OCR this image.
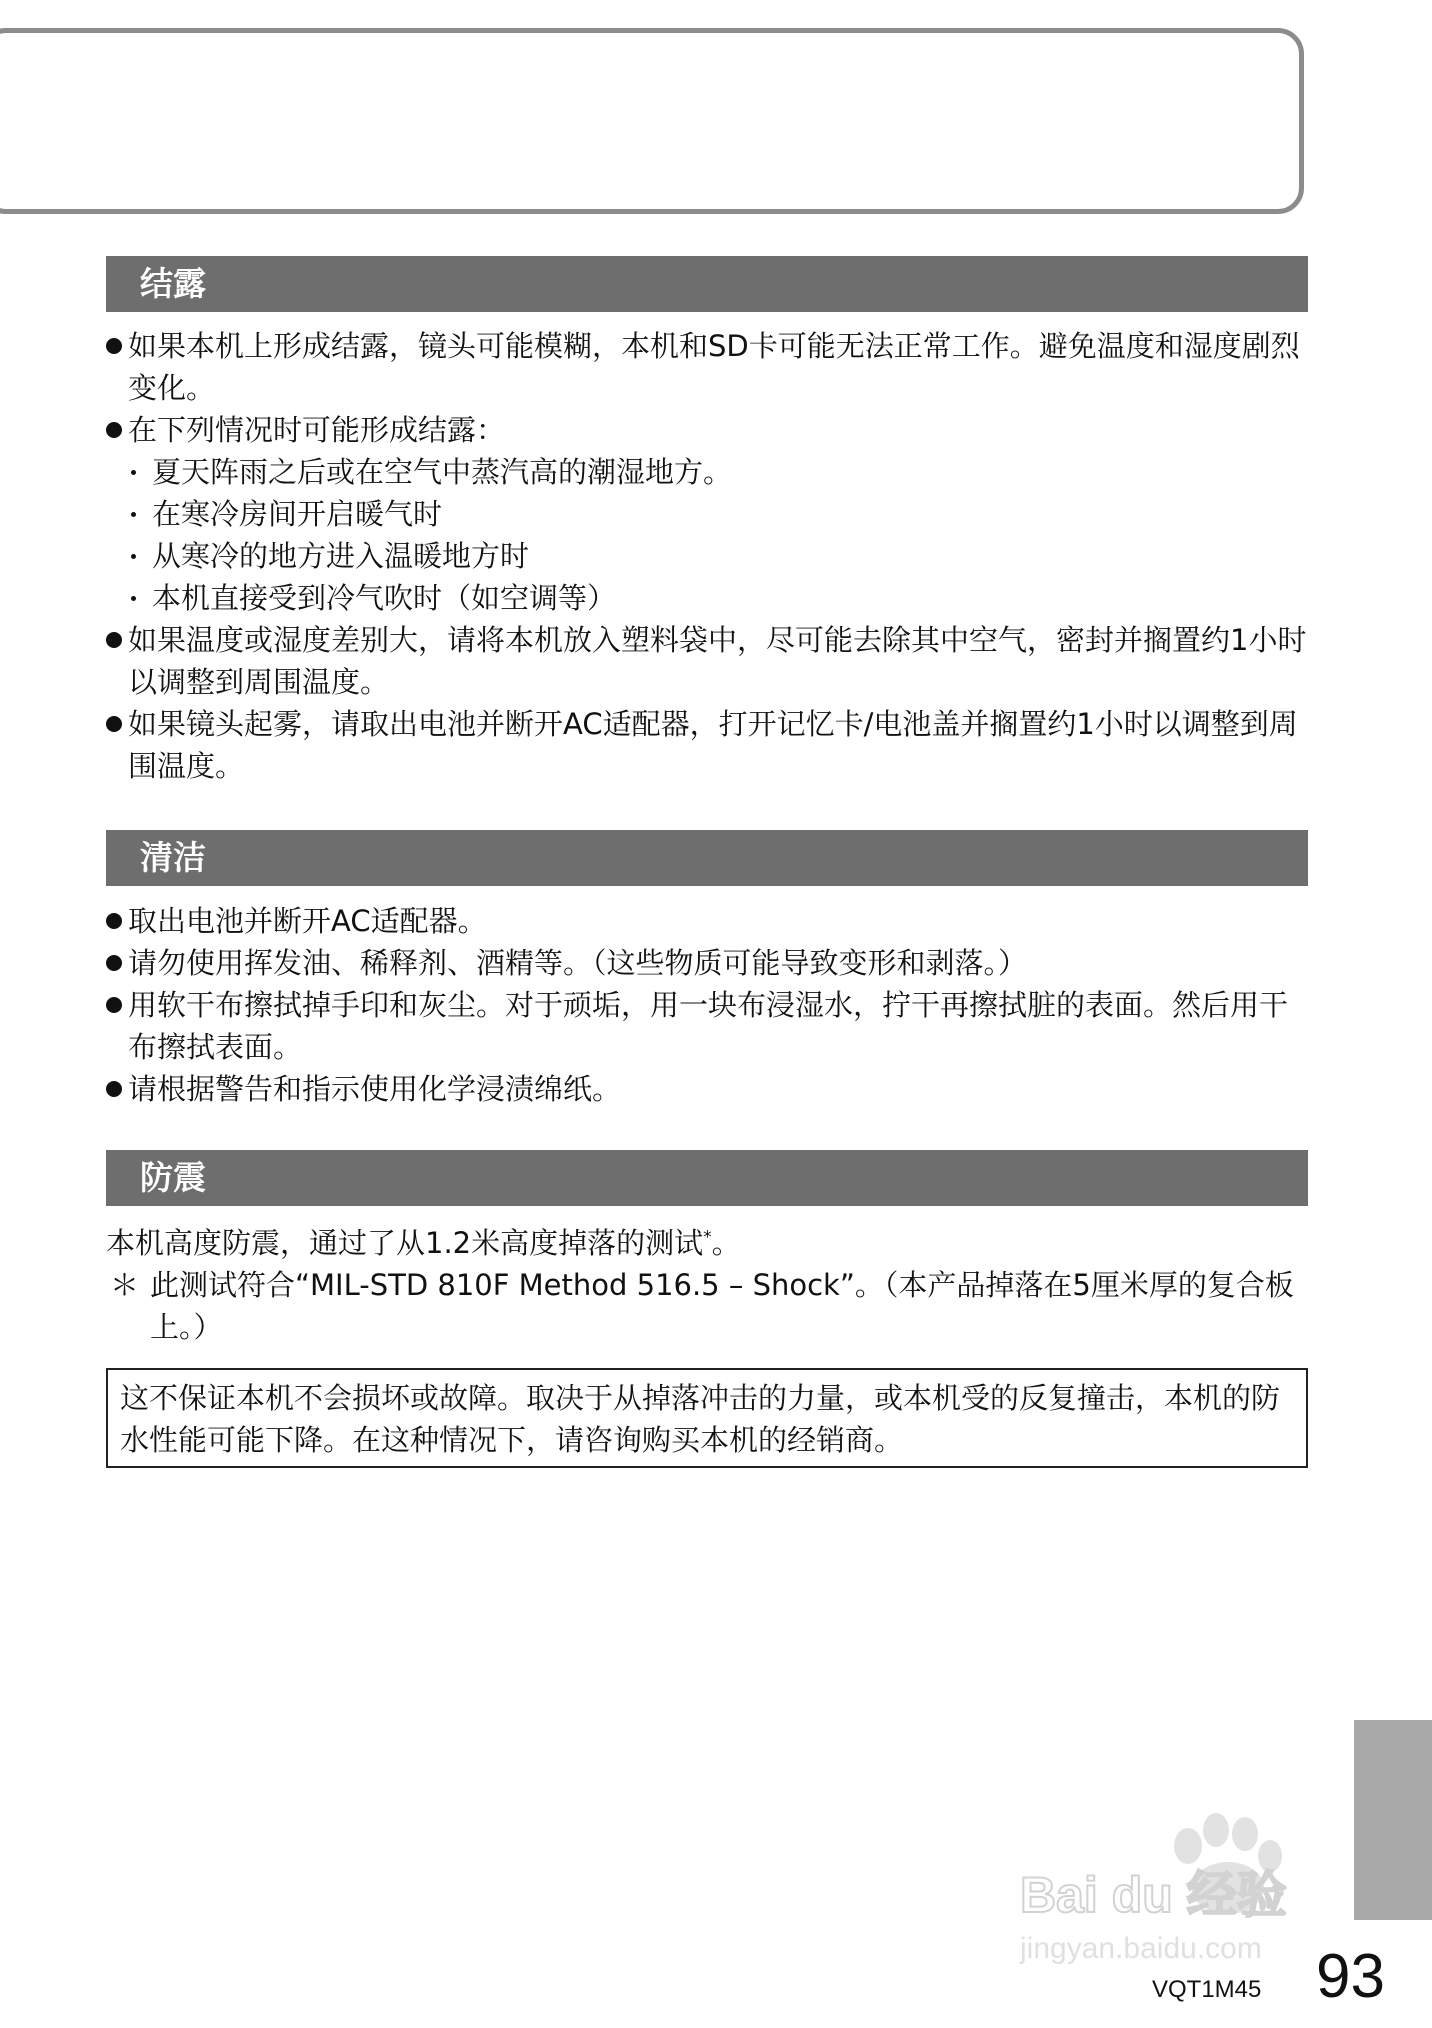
结露
如果本机上形成结露，镜头可能模糊，本机和SD卡可能无法正常工作。避免温度和湿度剧烈变化。
在下列情况时可能形成结露：
夏天阵雨之后或在空气中蒸汽高的潮湿地方。
在寒冷房间开启暖气时
从寒冷的地方进入温暖地方时
本机直接受到冷气吹时（如空调等）
如果温度或湿度差别大，请将本机放入塑料袋中，尽可能去除其中空气，密封并搁置约1小时以调整到周围温度。
如果镜头起雾，请取出电池并断开AC适配器，打开记忆卡/电池盖并搁置约1小时以调整到周围温度。
清洁
取出电池并断开AC适配器。
请勿使用挥发油、稀释剂、酒精等。（这些物质可能导致变形和剥落。）
用软干布擦拭掉手印和灰尘。对于顽垢，用一块布浸湿水，拧干再擦拭脏的表面。然后用干布擦拭表面。
请根据警告和指示使用化学浸渍绵纸。
防震
本机高度防震，通过了从1.2米高度掉落的测试*。
＊ 此测试符合“MIL-STD 810F Method 516.5 – Shock”。（本产品掉落在5厘米厚的复合板上。）
这不保证本机不会损坏或故障。取决于从掉落冲击的力量，或本机受的反复撞击，本机的防水性能可能下降。在这种情况下，请咨询购买本机的经销商。
Bai du 经验
jingyan.baidu.com
VQT1M45 93
